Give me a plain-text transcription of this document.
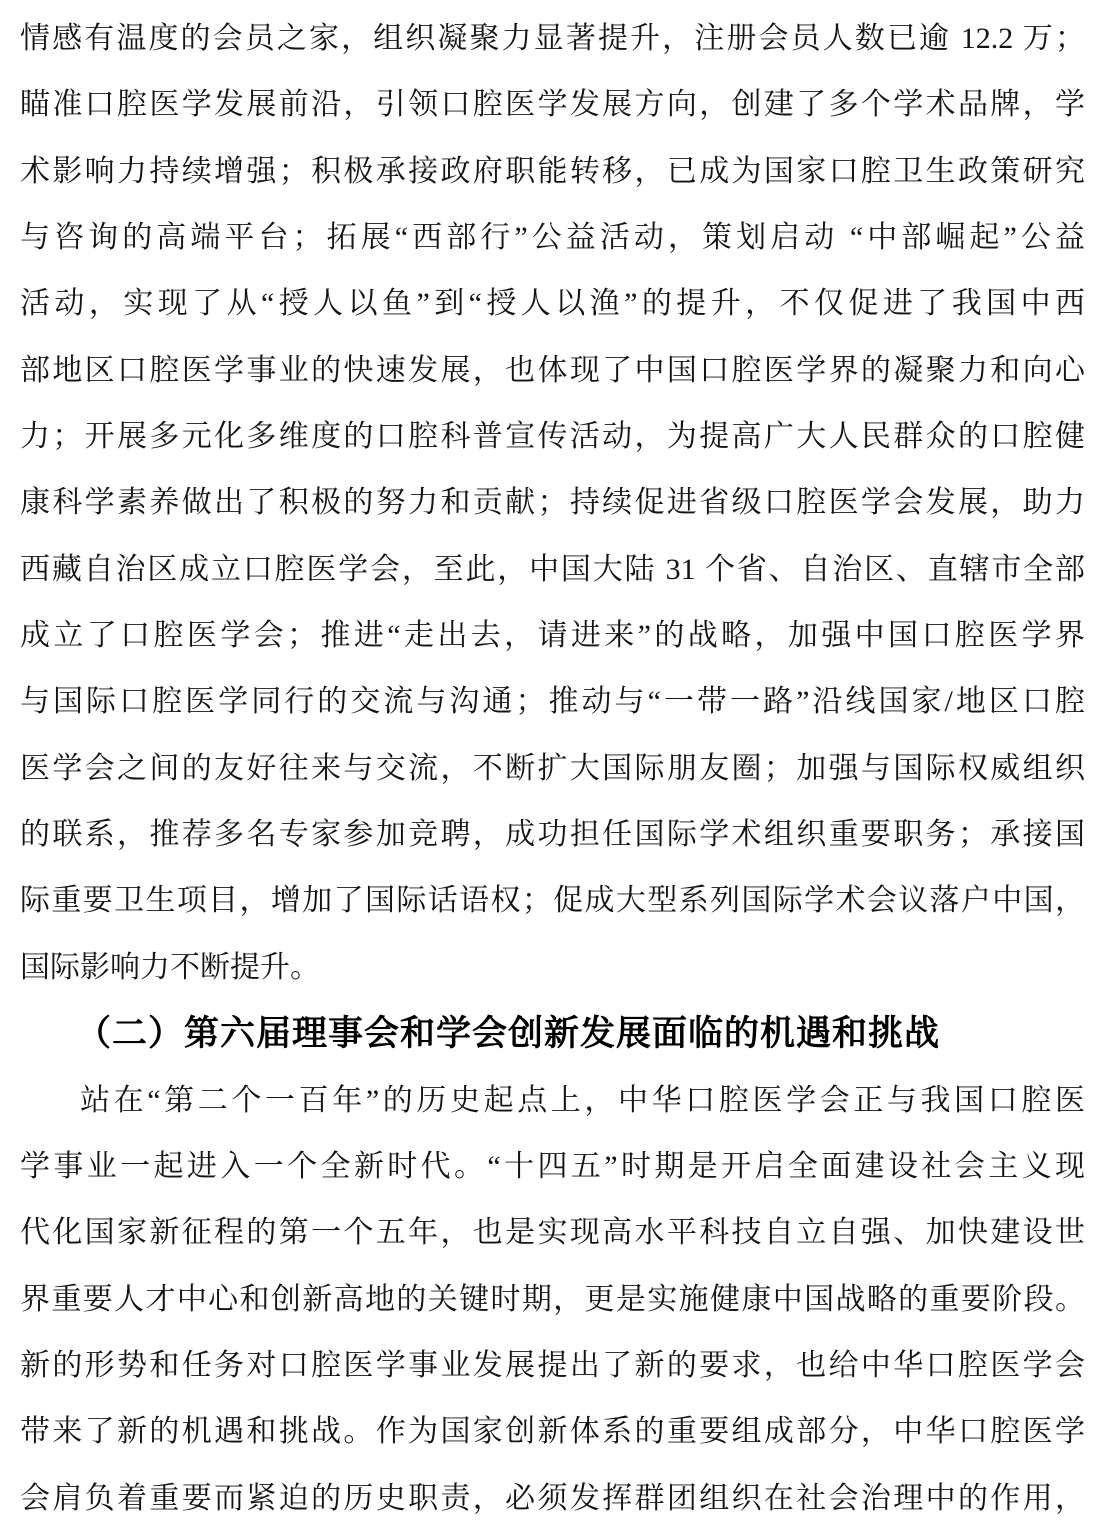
情感有温度的会员之家，组织凝聚力显著提升，注册会员人数已逾 12.2 万；
瞄准口腔医学发展前沿，引领口腔医学发展方向，创建了多个学术品牌，学
术影响力持续增强；积极承接政府职能转移，已成为国家口腔卫生政策研究
与咨询的高端平台；拓展“西部行”公益活动，策划启动 “中部崛起”公益
活动，实现了从“授人以鱼”到“授人以渔”的提升，不仅促进了我国中西
部地区口腔医学事业的快速发展，也体现了中国口腔医学界的凝聚力和向心
力；开展多元化多维度的口腔科普宣传活动，为提高广大人民群众的口腔健
康科学素养做出了积极的努力和贡献；持续促进省级口腔医学会发展，助力
西藏自治区成立口腔医学会，至此，中国大陆 31 个省、自治区、直辖市全部
成立了口腔医学会；推进“走出去，请进来”的战略，加强中国口腔医学界
与国际口腔医学同行的交流与沟通；推动与“一带一路”沿线国家/地区口腔
医学会之间的友好往来与交流，不断扩大国际朋友圈；加强与国际权威组织
的联系，推荐多名专家参加竞聘，成功担任国际学术组织重要职务；承接国
际重要卫生项目，增加了国际话语权；促成大型系列国际学术会议落户中国，
国际影响力不断提升。
（二）第六届理事会和学会创新发展面临的机遇和挑战
站在“第二个一百年”的历史起点上，中华口腔医学会正与我国口腔医
学事业一起进入一个全新时代。“十四五”时期是开启全面建设社会主义现
代化国家新征程的第一个五年，也是实现高水平科技自立自强、加快建设世
界重要人才中心和创新高地的关键时期，更是实施健康中国战略的重要阶段。
新的形势和任务对口腔医学事业发展提出了新的要求，也给中华口腔医学会
带来了新的机遇和挑战。作为国家创新体系的重要组成部分，中华口腔医学
会肩负着重要而紧迫的历史职责，必须发挥群团组织在社会治理中的作用，
